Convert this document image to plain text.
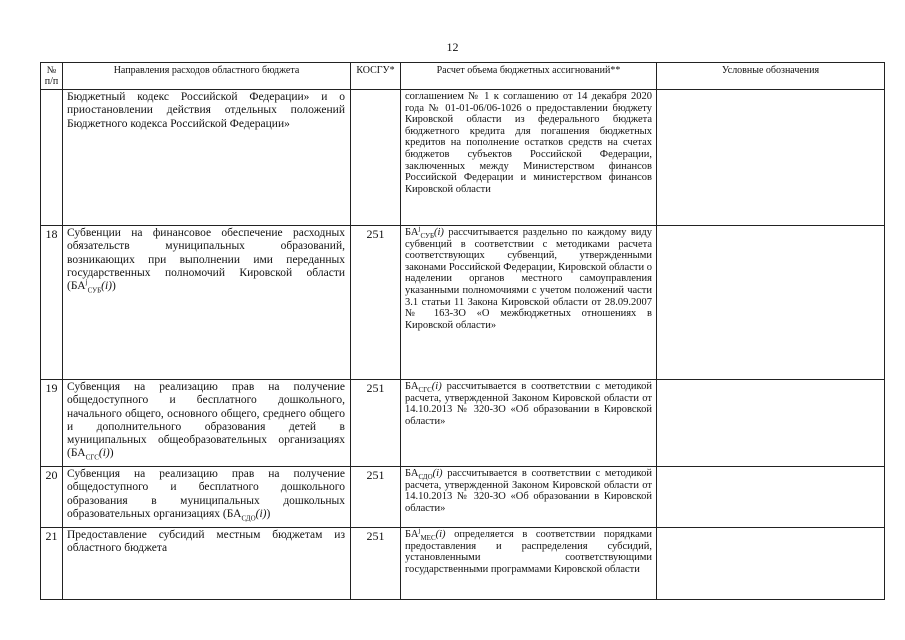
12
№ п/п	Направления расходов областного бюджета	КОСГУ*	Расчет объема бюджетных ассигнований**	Условные обозначения
	Бюджетный кодекс Российской Федерации» и о приостановлении действия отдельных положений Бюджетного кодекса Российской Федерации»		соглашением № 1 к соглашению от 14 декабря 2020 года № 01-01-06/06-1026 о предоставлении бюджету Кировской области из федерального бюджета бюджетного кредита для погашения бюджетных кредитов на пополнение остатков средств на счетах бюджетов субъектов Российской Федерации, заключенных между Министерством финансов Российской Федерации и министерством финансов Кировской области	
18	Субвенции на финансовое обеспечение расходных обязательств муниципальных образований, возникающих при выполнении ими переданных государственных полномочий Кировской области $(БА^j_{СУБ}(i))$	251	$БА^j_{СУБ}(i)$ рассчитывается раздельно по каждому виду субвенций в соответствии с методиками расчета соответствующих субвенций, утвержденными законами Российской Федерации, Кировской области о наделении органов местного самоуправления указанными полномочиями с учетом положений части 3.1 статьи 11 Закона Кировской области от 28.09.2007 № 163-ЗО «О межбюджетных отношениях в Кировской области»	
19	Субвенция на реализацию прав на получение общедоступного и бесплатного дошкольного, начального общего, основного общего, среднего общего и дополнительного образования детей в муниципальных общеобразовательных организациях $(БА_{СГС}(i))$	251	$БА_{СГС}(i)$ рассчитывается в соответствии с методикой расчета, утвержденной Законом Кировской области от 14.10.2013 № 320-ЗО «Об образовании в Кировской области»	
20	Субвенция на реализацию прав на получение общедоступного и бесплатного дошкольного образования в муниципальных дошкольных образовательных организациях $(БА_{СДО}(i))$	251	$БА_{СДО}(i)$ рассчитывается в соответствии с методикой расчета, утвержденной Законом Кировской области от 14.10.2013 № 320-ЗО «Об образовании в Кировской области»	
21	Предоставление субсидий местным бюджетам из областного бюджета	251	$БА^j_{МЕС}(i)$ определяется в соответствии порядками предоставления и распределения субсидий, установленными соответствующими государственными программами Кировской области	
